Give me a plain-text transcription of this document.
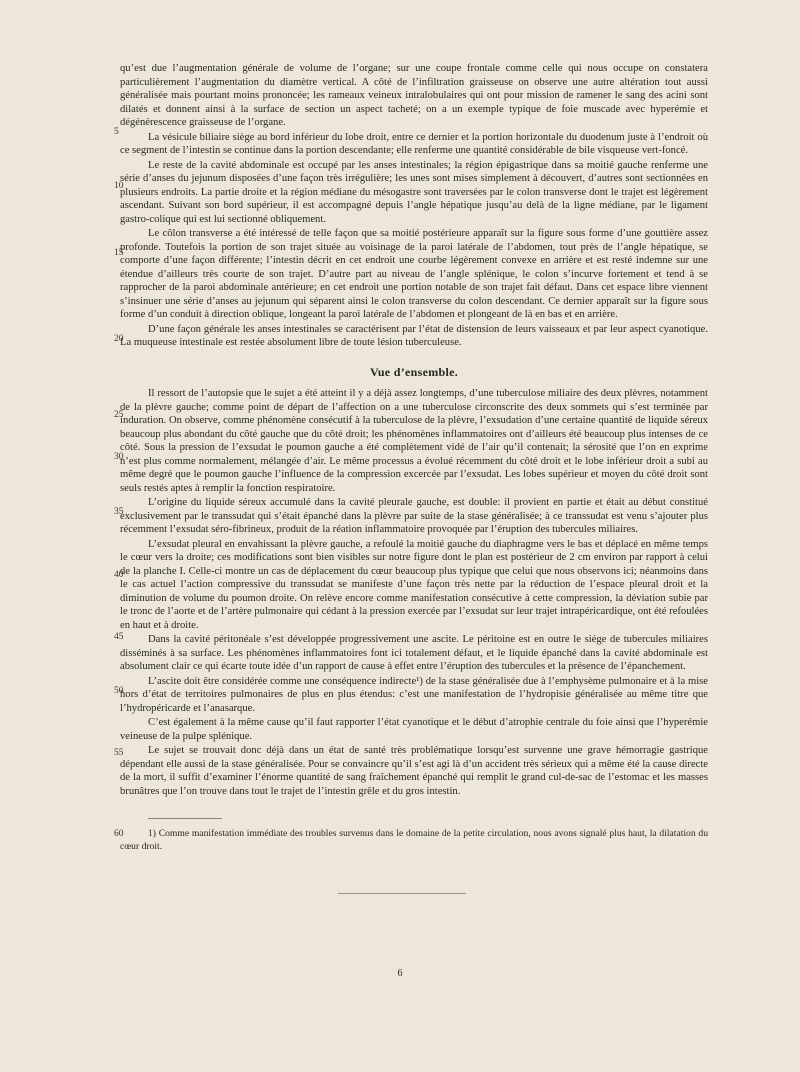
5
10
15
20
25
30
35
40
45
50
55
60

qu’est due l’augmentation générale de volume de l’organe; sur une coupe frontale comme celle qui nous occupe on constatera particulièrement l’augmentation du diamètre vertical. A côté de l’infiltration graisseuse on observe une autre altération tout aussi généralisée mais pourtant moins prononcée; les rameaux veineux intralobulaires qui ont pour mission de ramener le sang des acini sont dilatés et donnent ainsi à la surface de section un aspect tacheté; on a un exemple typique de foie muscade avec hyperémie et dégénérescence graisseuse de l’organe.

La vésicule biliaire siège au bord inférieur du lobe droit, entre ce dernier et la portion horizontale du duodenum juste à l’endroit où ce segment de l’intestin se continue dans la portion descendante; elle renferme une quantité considérable de bile visqueuse vert-foncé.

Le reste de la cavité abdominale est occupé par les anses intestinales; la région épigastrique dans sa moitié gauche renferme une série d’anses du jejunum disposées d’une façon très irrégulière; les unes sont mises simplement à découvert, d’autres sont sectionnées en plusieurs endroits. La partie droite et la région médiane du mésogastre sont traversées par le colon transverse dont le trajet est légèrement ascendant. Suivant son bord supérieur, il est accompagné depuis l’angle hépatique jusqu’au delà de la ligne médiane, par le ligament gastro-colique qui est lui sectionné obliquement.

Le côlon transverse a été intéressé de telle façon que sa moitié postérieure apparaît sur la figure sous forme d’une gouttière assez profonde. Toutefois la portion de son trajet située au voisinage de la paroi latérale de l’abdomen, tout près de l’angle hépatique, se comporte d’une façon différente; l’intestin décrit en cet endroit une courbe légèrement convexe en arrière et est resté indemne sur une étendue d’ailleurs très courte de son trajet. D’autre part au niveau de l’angle splénique, le colon s’incurve fortement et tend à se rapprocher de la paroi abdominale antérieure; en cet endroit une portion notable de son trajet fait défaut. Dans cet espace libre viennent s’insinuer une série d’anses au jejunum qui séparent ainsi le colon transverse du colon descendant. Ce dernier apparaît sur la figure sous forme d’un conduit à direction oblique, longeant la paroi latérale de l’abdomen et plongeant de là en bas et en arrière.

D’une façon générale les anses intestinales se caractérisent par l’état de distension de leurs vaisseaux et par leur aspect cyanotique. La muqueuse intestinale est restée absolument libre de toute lésion tuberculeuse.

Vue d’ensemble.

Il ressort de l’autopsie que le sujet a été atteint il y a déjà assez longtemps, d’une tuberculose miliaire des deux plèvres, notamment de la plèvre gauche; comme point de départ de l’affection on a une tuberculose circonscrite des deux sommets qui s’est terminée par induration. On observe, comme phénomène consécutif à la tuberculose de la plèvre, l’exsudation d’une certaine quantité de liquide séreux beaucoup plus abondant du côté gauche que du côté droit; les phénomènes inflammatoires ont d’ailleurs été beaucoup plus intenses de ce côté. Sous la pression de l’exsudat le poumon gauche a été complètement vidé de l’air qu’il contenait; la sérosité que l’on en exprime n’est plus comme normalement, mélangée d’air. Le même processus a évolué récemment du côté droit et le lobe inférieur droit a subi au même degré que le poumon gauche l’influence de la compression excercée par l’exsudat. Les lobes supérieur et moyen du côté droit sont seuls restés aptes à remplir la fonction respiratoire.

L’origine du liquide séreux accumulé dans la cavité pleurale gauche, est double: il provient en partie et était au début constitué exclusivement par le transsudat qui s’était épanché dans la plèvre par suite de la stase généralisée; à ce transsudat est venu s’ajouter plus récemment l’exsudat séro-fibrineux, produit de la réation inflammatoire provoquée par l’éruption des tubercules miliaires.

L’exsudat pleural en envahissant la plèvre gauche, a refoulé la moitié gauche du diaphragme vers le bas et déplacé en même temps le cœur vers la droite; ces modifications sont bien visibles sur notre figure dont le plan est postérieur de 2 cm environ par rapport à celui de la planche I. Celle-ci montre un cas de déplacement du cœur beaucoup plus typique que celui que nous observons ici; néanmoins dans le cas actuel l’action compressive du transsudat se manifeste d’une façon très nette par la réduction de l’espace pleural droit et la diminution de volume du poumon droite. On relève encore comme manifestation consécutive à cette compression, la déviation subie par le tronc de l’aorte et de l’artère pulmonaire qui cédant à la pression exercée par l’exsudat sur leur trajet intrapéricardique, ont été refoulées en haut et à droite.

Dans la cavité péritonéale s’est développée progressivement une ascite. Le péritoine est en outre le siége de tubercules miliaires disséminés à sa surface. Les phénomènes inflammatoires font ici totalement défaut, et le liquide épanché dans la cavité abdominale est absolument clair ce qui écarte toute idée d’un rapport de cause à effet entre l’éruption des tubercules et la présence de l’épanchement.

L’ascite doit être considérée comme une conséquence indirecte¹) de la stase généralisée due à l’emphysème pulmonaire et à la mise hors d’état de territoires pulmonaires de plus en plus étendus: c’est une manifestation de l’hydropisie généralisée au même titre que l’hydropéricarde et l’anasarque.

C’est également à la même cause qu’il faut rapporter l’état cyanotique et le début d’atrophie centrale du foie ainsi que l’hyperémie veineuse de la pulpe splénique.

Le sujet se trouvait donc déjà dans un état de santé très problématique lorsqu’est survenne une grave hémorragie gastrique dépendant elle aussi de la stase généralisée. Pour se convaincre qu’il s’est agi là d’un accident très sérieux qui a même été la cause directe de la mort, il suffit d’examiner l’énorme quantité de sang fraîchement épanché qui remplit le grand cul-de-sac de l’estomac et les masses brunâtres que l’on trouve dans tout le trajet de l’intestin grêle et du gros intestin.

1) Comme manifestation immédiate des troubles survenus dans le domaine de la petite circulation, nous avons signalé plus haut, la dilatation du cœur droit.

6
